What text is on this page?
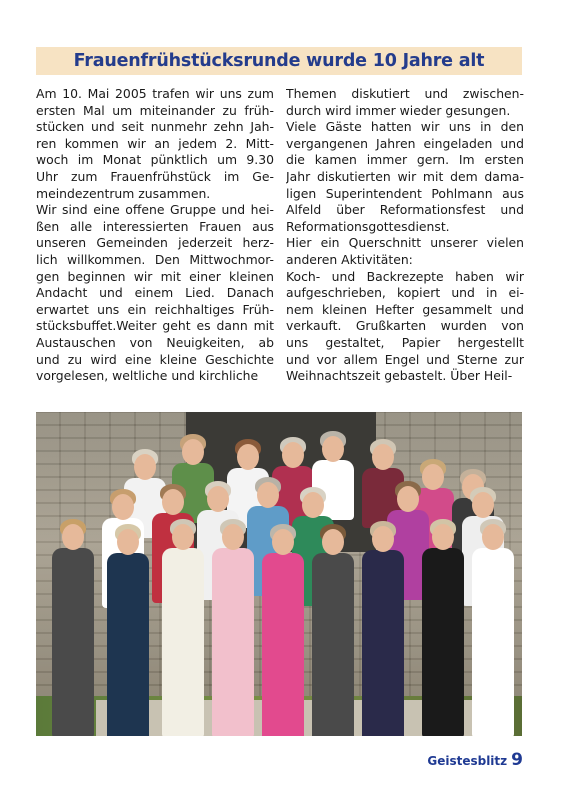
Frauenfrühstücksrunde wurde 10 Jahre alt
Am 10. Mai 2005 trafen wir uns zum
ersten Mal um miteinander zu früh-
stücken und seit nunmehr zehn Jah-
ren kommen wir an jedem 2. Mitt-
woch im Monat pünktlich um 9.30
Uhr zum Frauenfrühstück im Ge-
meindezentrum zusammen.
Wir sind eine offene Gruppe und hei-
ßen alle interessierten Frauen aus
unseren Gemeinden jederzeit herz-
lich willkommen. Den Mittwochmor-
gen beginnen wir mit einer kleinen
Andacht und einem Lied. Danach
erwartet uns ein reichhaltiges Früh-
stücksbuffet.Weiter geht es dann mit
Austauschen von Neuigkeiten, ab
und zu wird eine kleine Geschichte
vorgelesen, weltliche und kirchliche
Themen diskutiert und zwischen-
durch wird immer wieder gesungen.
Viele Gäste hatten wir uns in den
vergangenen Jahren eingeladen und
die kamen immer gern. Im ersten
Jahr diskutierten wir mit dem dama-
ligen Superintendent Pohlmann aus
Alfeld über Reformationsfest und
Reformationsgottesdienst.
Hier ein Querschnitt unserer vielen
anderen Aktivitäten:
Koch- und Backrezepte haben wir
aufgeschrieben, kopiert und in ei-
nem kleinen Hefter gesammelt und
verkauft. Grußkarten wurden von
uns gestaltet, Papier hergestellt
und vor allem Engel und Sterne zur
Weihnachtszeit gebastelt. Über Heil-
Geistesblitz 9
